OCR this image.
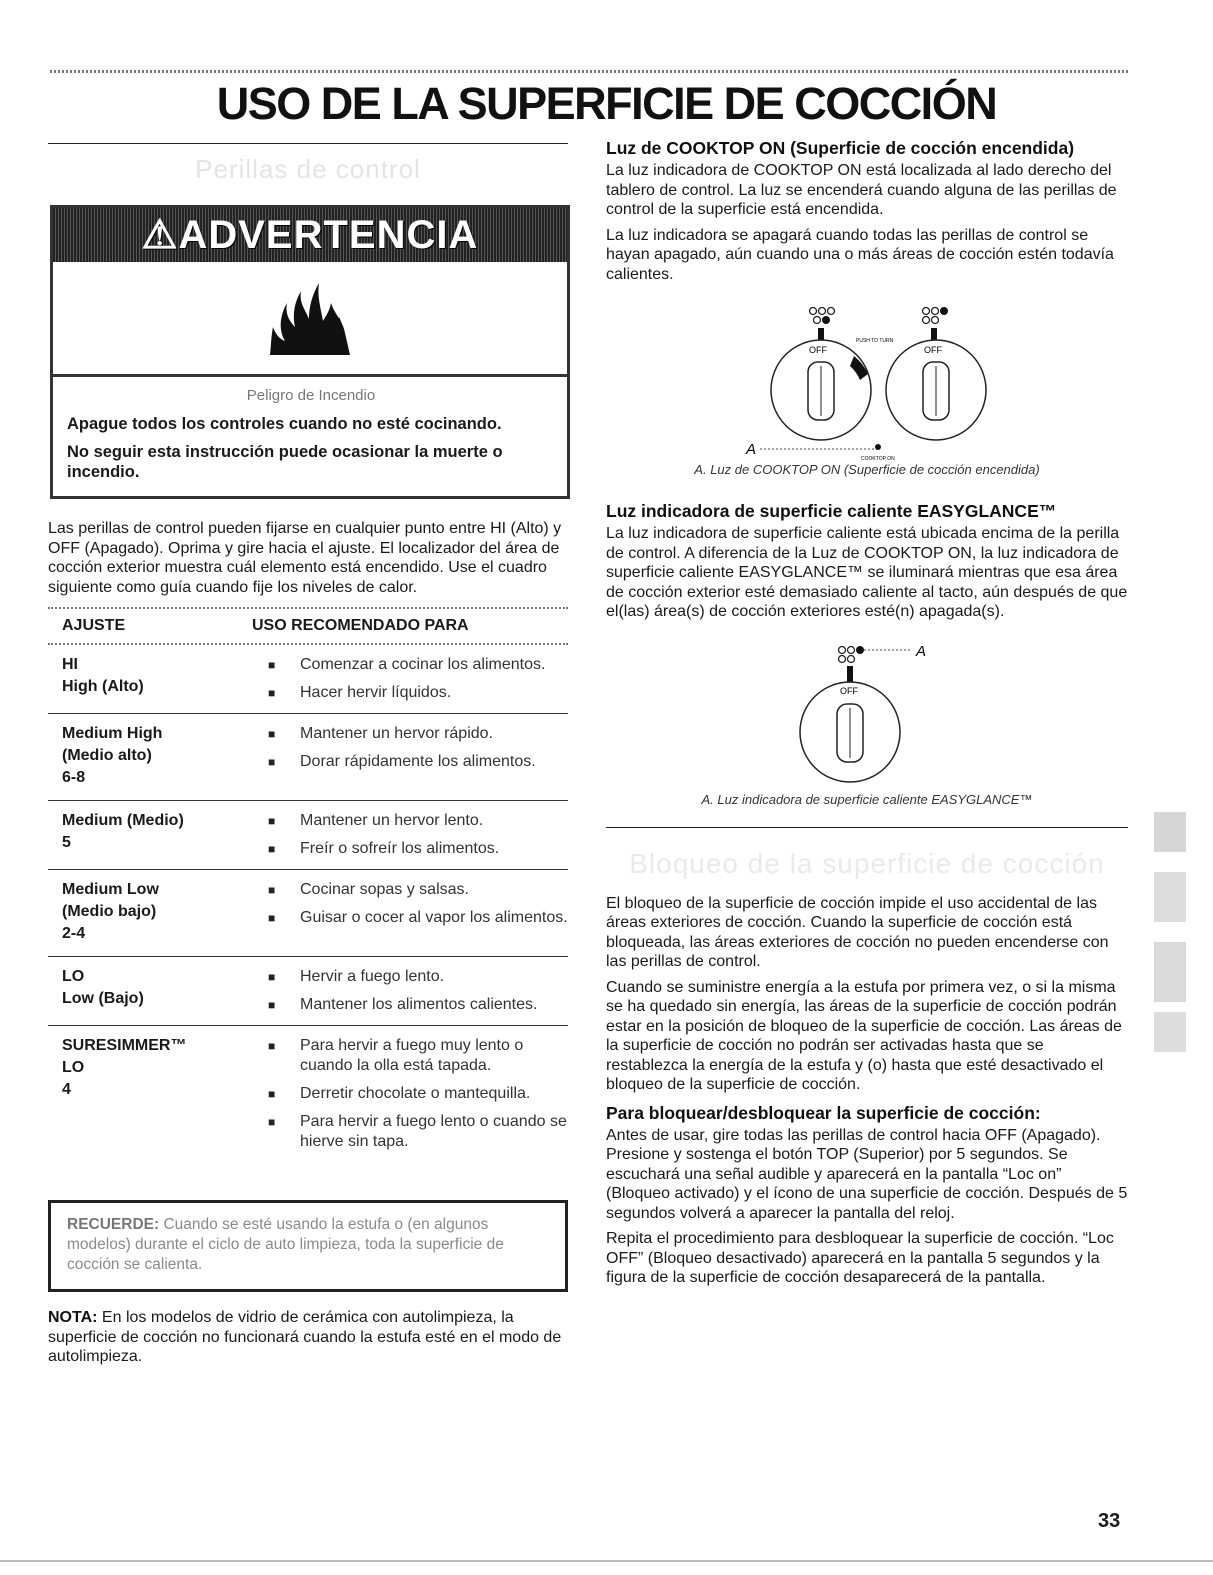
USO DE LA SUPERFICIE DE COCCIÓN
Perillas de control
⚠ ADVERTENCIA
Peligro de Incendio

Apague todos los controles cuando no esté cocinando.

No seguir esta instrucción puede ocasionar la muerte o incendio.

Las perillas de control pueden fijarse en cualquier punto entre HI (Alto) y OFF (Apagado). Oprima y gire hacia el ajuste. El localizador del área de cocción exterior muestra cuál elemento está encendido. Use el cuadro siguiente como guía cuando fije los niveles de calor.

AJUSTE	USO RECOMENDADO PARA
HI
High (Alto)
■ Comenzar a cocinar los alimentos.
■ Hacer hervir líquidos.
Medium High
(Medio alto)
6-8
■ Mantener un hervor rápido.
■ Dorar rápidamente los alimentos.
Medium (Medio)
5
■ Mantener un hervor lento.
■ Freír o sofreír los alimentos.
Medium Low
(Medio bajo)
2-4
■ Cocinar sopas y salsas.
■ Guisar o cocer al vapor los alimentos.
LO
Low (Bajo)
■ Hervir a fuego lento.
■ Mantener los alimentos calientes.
SURESIMMER™
LO
4
■ Para hervir a fuego muy lento o cuando la olla está tapada.
■ Derretir chocolate o mantequilla.
■ Para hervir a fuego lento o cuando se hierve sin tapa.
RECUERDE: Cuando se esté usando la estufa o (en algunos modelos) durante el ciclo de auto limpieza, toda la superficie de cocción se calienta.
NOTA: En los modelos de vidrio de cerámica con autolimpieza, la superficie de cocción no funcionará cuando la estufa esté en el modo de autolimpieza.
Luz de COOKTOP ON (Superficie de cocción encendida)

La luz indicadora de COOKTOP ON está localizada al lado derecho del tablero de control. La luz se encenderá cuando alguna de las perillas de control de la superficie está encendida.

La luz indicadora se apagará cuando todas las perillas de control se hayan apagado, aún cuando una o más áreas de cocción estén todavía calientes.

OFF	OFF
PUSH TO TURN
A
COOKTOP ON
A. Luz de COOKTOP ON (Superficie de cocción encendida)
Luz indicadora de superficie caliente EASYGLANCE™

La luz indicadora de superficie caliente está ubicada encima de la perilla de control. A diferencia de la Luz de COOKTOP ON, la luz indicadora de superficie caliente EASYGLANCE™ se iluminará mientras que esa área de cocción exterior esté demasiado caliente al tacto, aún después de que el(las) área(s) de cocción exteriores esté(n) apagada(s).

A
OFF
A. Luz indicadora de superficie caliente EASYGLANCE™
Bloqueo de la superficie de cocción

El bloqueo de la superficie de cocción impide el uso accidental de las áreas exteriores de cocción. Cuando la superficie de cocción está bloqueada, las áreas exteriores de cocción no pueden encenderse con las perillas de control.

Cuando se suministre energía a la estufa por primera vez, o si la misma se ha quedado sin energía, las áreas de la superficie de cocción podrán estar en la posición de bloqueo de la superficie de cocción. Las áreas de la superficie de cocción no podrán ser activadas hasta que se restablezca la energía de la estufa y (o) hasta que esté desactivado el bloqueo de la superficie de cocción.

Para bloquear/desbloquear la superficie de cocción:

Antes de usar, gire todas las perillas de control hacia OFF (Apagado). Presione y sostenga el botón TOP (Superior) por 5 segundos. Se escuchará una señal audible y aparecerá en la pantalla “Loc on” (Bloqueo activado) y el ícono de una superficie de cocción. Después de 5 segundos volverá a aparecer la pantalla del reloj.

Repita el procedimiento para desbloquear la superficie de cocción. “Loc OFF” (Bloqueo desactivado) aparecerá en la pantalla 5 segundos y la figura de la superficie de cocción desaparecerá de la pantalla.

33
